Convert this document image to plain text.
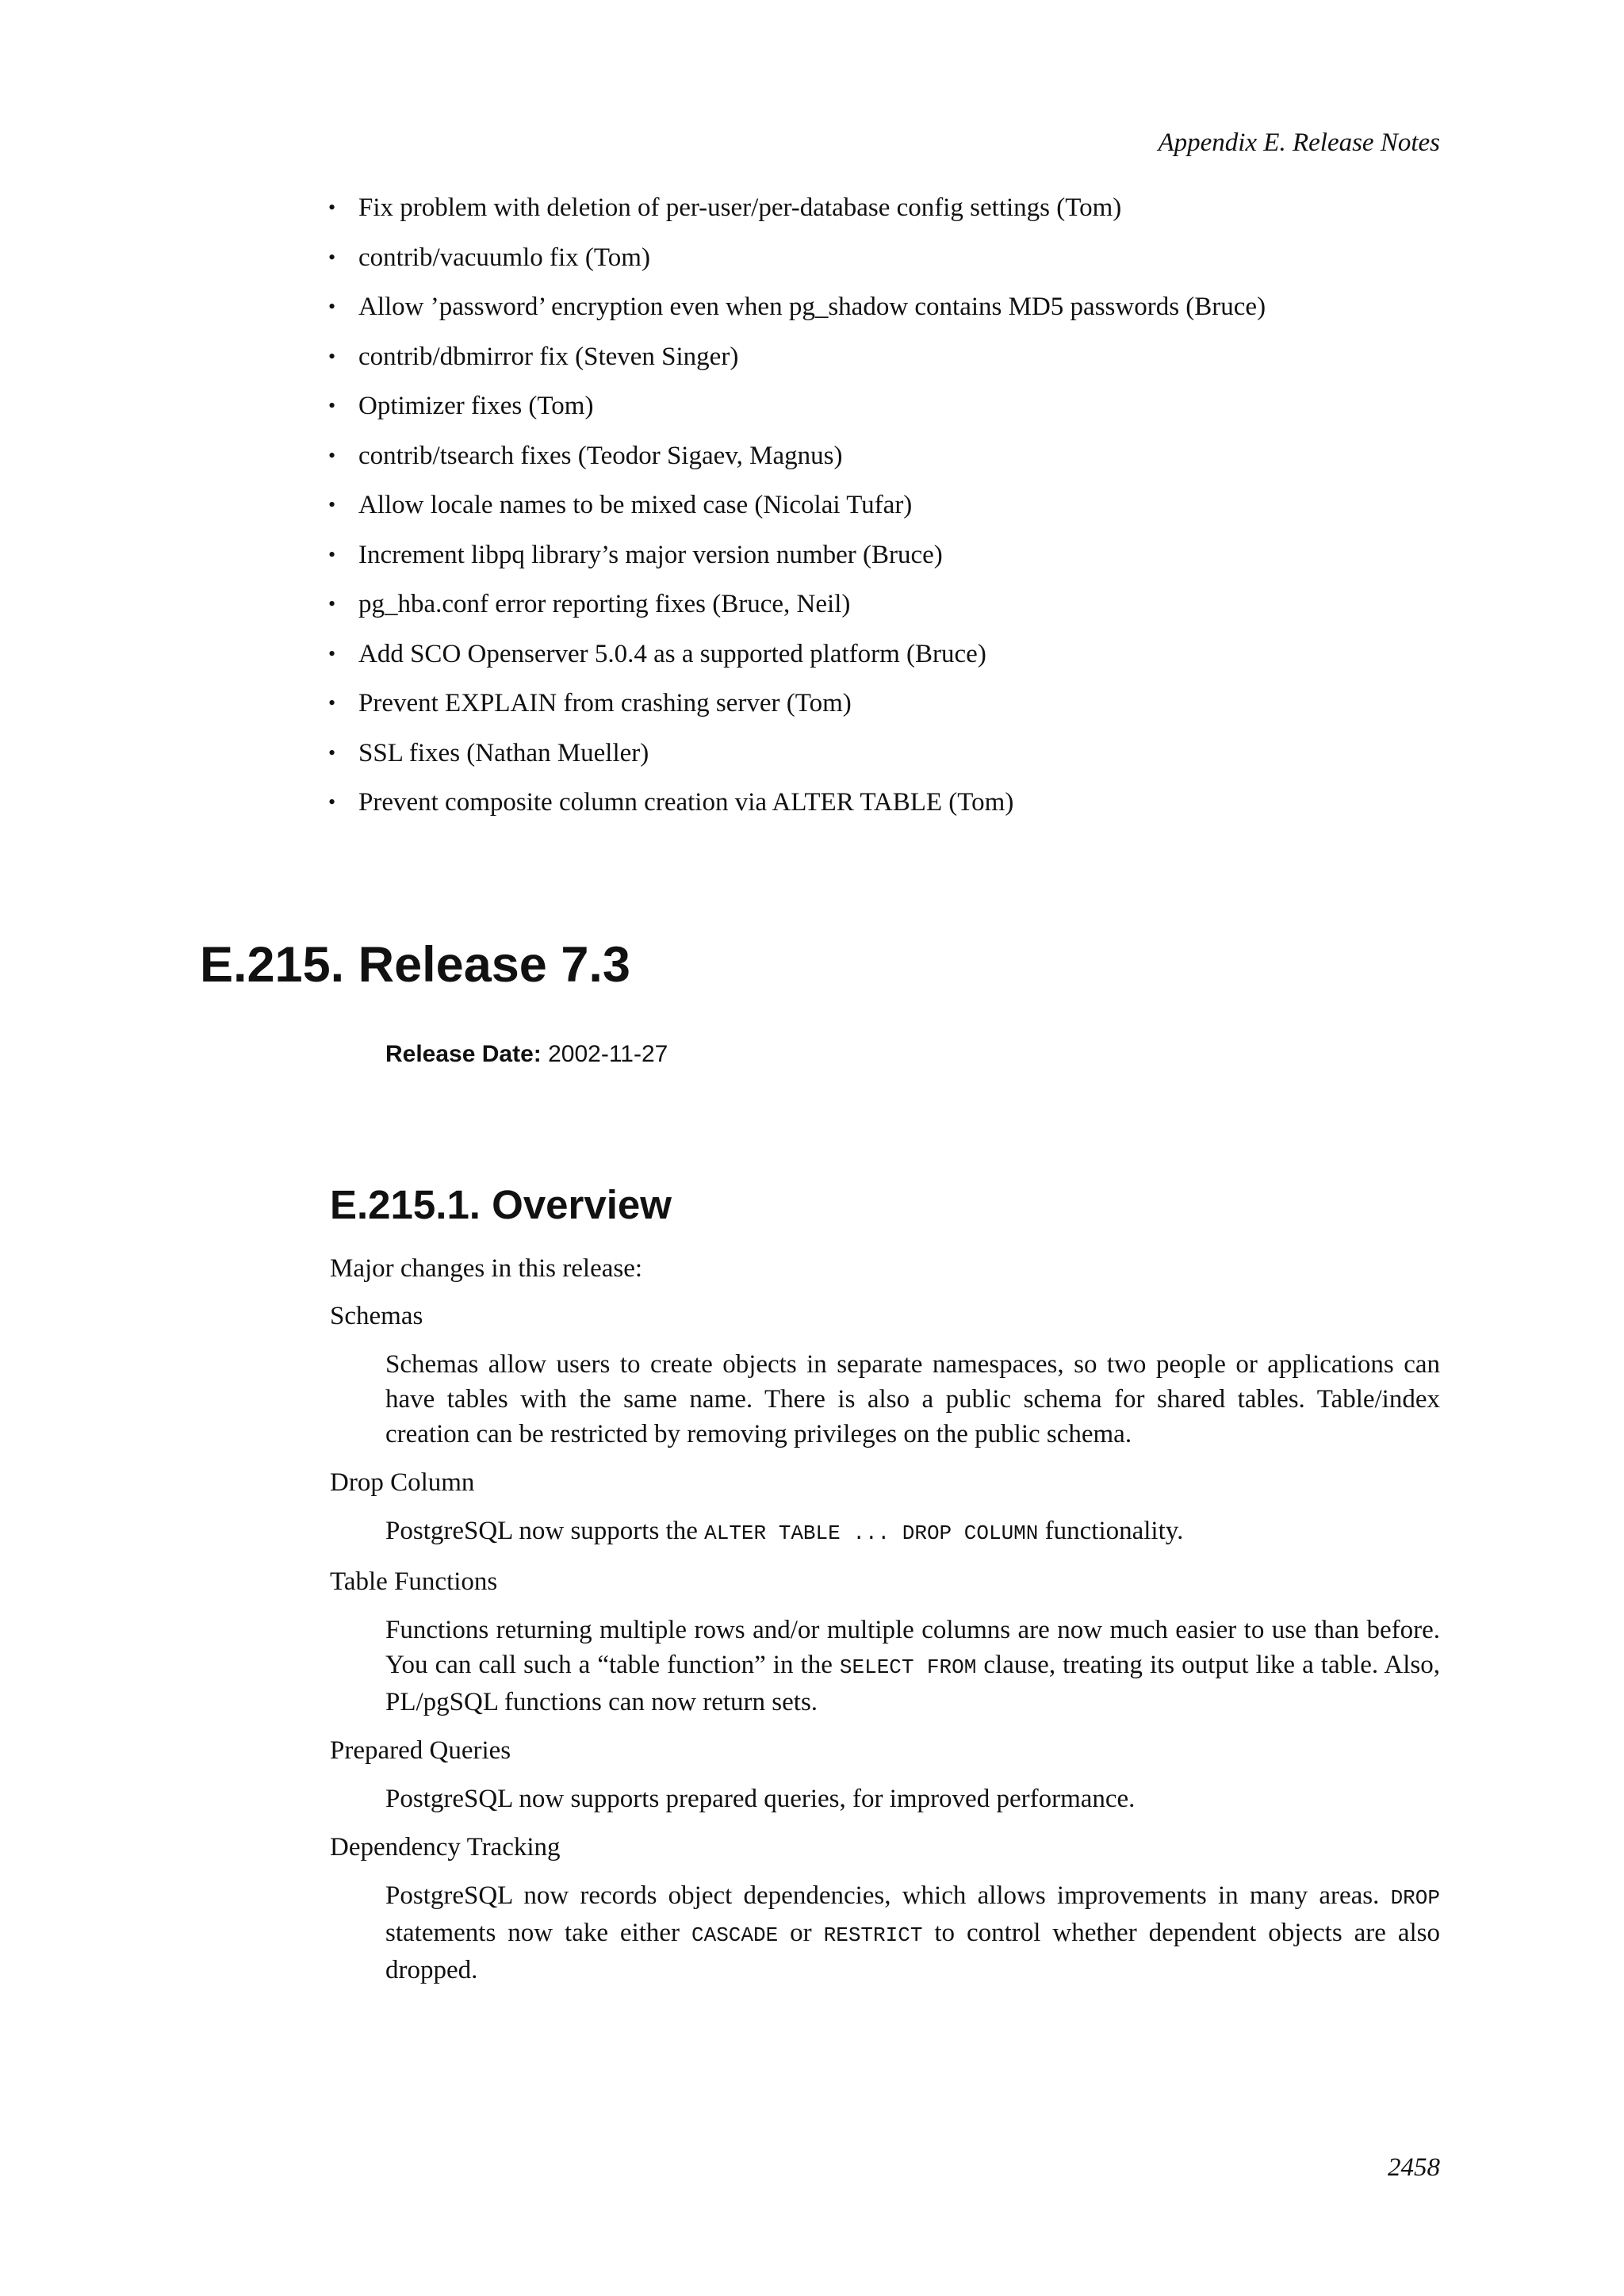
Appendix E. Release Notes
• Fix problem with deletion of per-user/per-database config settings (Tom)
• contrib/vacuumlo fix (Tom)
• Allow ’password’ encryption even when pg_shadow contains MD5 passwords (Bruce)
• contrib/dbmirror fix (Steven Singer)
• Optimizer fixes (Tom)
• contrib/tsearch fixes (Teodor Sigaev, Magnus)
• Allow locale names to be mixed case (Nicolai Tufar)
• Increment libpq library’s major version number (Bruce)
• pg_hba.conf error reporting fixes (Bruce, Neil)
• Add SCO Openserver 5.0.4 as a supported platform (Bruce)
• Prevent EXPLAIN from crashing server (Tom)
• SSL fixes (Nathan Mueller)
• Prevent composite column creation via ALTER TABLE (Tom)
E.215. Release 7.3
Release Date: 2002-11-27
E.215.1. Overview

Major changes in this release:

Schemas
Schemas allow users to create objects in separate namespaces, so two people or applications can have tables with the same name. There is also a public schema for shared tables. Table/index creation can be restricted by removing privileges on the public schema.
Drop Column
PostgreSQL now supports the ALTER TABLE ... DROP COLUMN functionality.
Table Functions
Functions returning multiple rows and/or multiple columns are now much easier to use than before. You can call such a “table function” in the SELECT FROM clause, treating its output like a table. Also, PL/pgSQL functions can now return sets.
Prepared Queries
PostgreSQL now supports prepared queries, for improved performance.
Dependency Tracking
PostgreSQL now records object dependencies, which allows improvements in many areas. DROP statements now take either CASCADE or RESTRICT to control whether dependent objects are also dropped.
2458
